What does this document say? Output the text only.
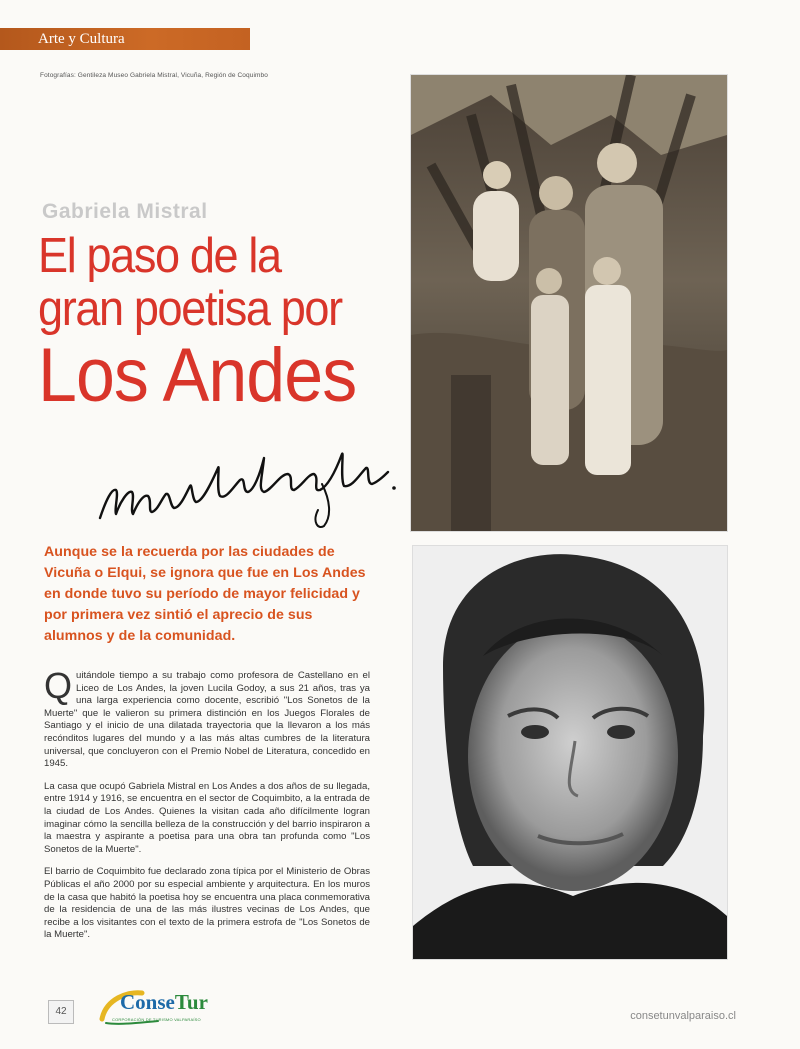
Arte y Cultura
Fotografías: Gentileza Museo Gabriela Mistral, Vicuña, Región de Coquimbo
Gabriela Mistral
El paso de la
gran poetisa por
Los Andes

Aunque se la recuerda por las ciudades de Vicuña o Elqui, se ignora que fue en Los Andes en donde tuvo su período de mayor felicidad y por primera vez sintió el aprecio de sus alumnos y de la comunidad.

Q uitándole tiempo a su trabajo como profesora de Castellano en el Liceo de Los Andes, la joven Lucila Godoy, a sus 21 años, tras ya una larga experiencia como docente, escribió "Los Sonetos de la Muerte" que le valieron su primera distinción en los Juegos Florales de Santiago y el inicio de una dilatada trayectoria que la llevaron a los más recónditos lugares del mundo y a las más altas cumbres de la literatura universal, que concluyeron con el Premio Nobel de Literatura, concedido en 1945.

La casa que ocupó Gabriela Mistral en Los Andes a dos años de su llegada, entre 1914 y 1916, se encuentra en el sector de Coquimbito, a la entrada de la ciudad de Los Andes. Quienes la visitan cada año difícilmente logran imaginar cómo la sencilla belleza de la construcción y del barrio inspiraron a la maestra y aspirante a poetisa para una obra tan profunda como "Los Sonetos de la Muerte".

El barrio de Coquimbito fue declarado zona típica por el Ministerio de Obras Públicas el año 2000 por su especial ambiente y arquitectura. En los muros de la casa que habitó la poetisa hoy se encuentra una placa conmemorativa de la residencia de una de las más ilustres vecinas de Los Andes, que recibe a los visitantes con el texto de la primera estrofa de "Los Sonetos de la Muerte".

42	ConseTur
CORPORACIÓN DE TURISMO VALPARAÍSO	consetunvalparaiso.cl
